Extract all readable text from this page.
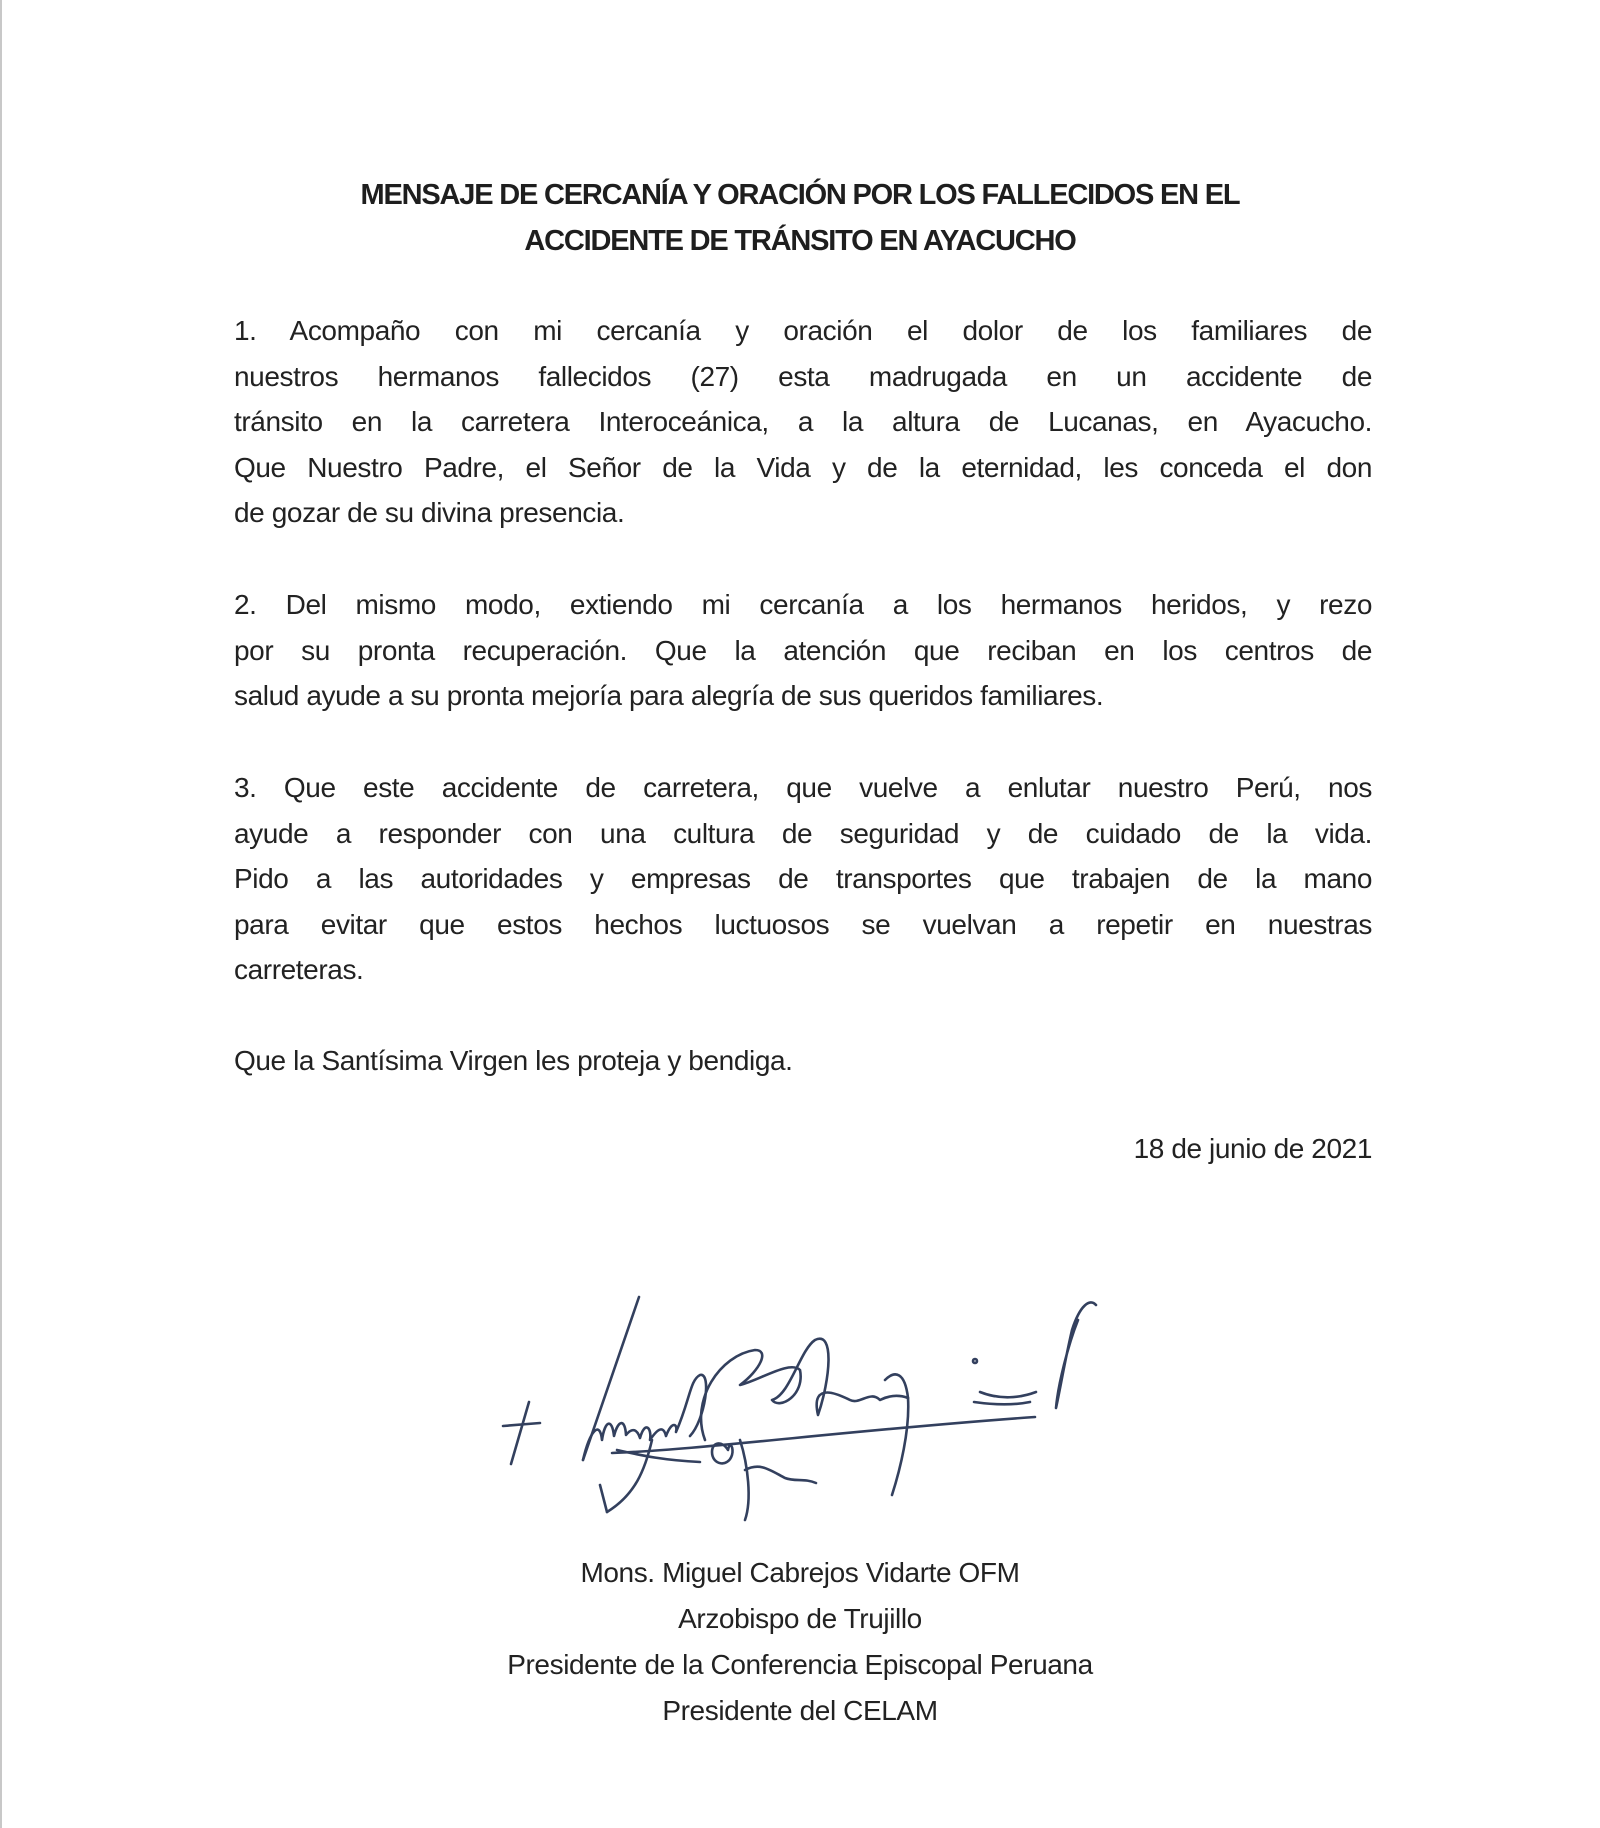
MENSAJE DE CERCANÍA Y ORACIÓN POR LOS FALLECIDOS EN EL
ACCIDENTE DE TRÁNSITO EN AYACUCHO
1. Acompaño con mi cercanía y oración el dolor de los familiares de
nuestros hermanos fallecidos (27) esta madrugada en un accidente de
tránsito en la carretera Interoceánica, a la altura de Lucanas, en Ayacucho.
Que Nuestro Padre, el Señor de la Vida y de la eternidad, les conceda el don
de gozar de su divina presencia.
2. Del mismo modo, extiendo mi cercanía a los hermanos heridos, y rezo
por su pronta recuperación. Que la atención que reciban en los centros de
salud ayude a su pronta mejoría para alegría de sus queridos familiares.
3. Que este accidente de carretera, que vuelve a enlutar nuestro Perú, nos
ayude a responder con una cultura de seguridad y de cuidado de la vida.
Pido a las autoridades y empresas de transportes que trabajen de la mano
para evitar que estos hechos luctuosos se vuelvan a repetir en nuestras
carreteras.
Que la Santísima Virgen les proteja y bendiga.
18 de junio de 2021
Mons. Miguel Cabrejos Vidarte OFM
Arzobispo de Trujillo
Presidente de la Conferencia Episcopal Peruana
Presidente del CELAM
